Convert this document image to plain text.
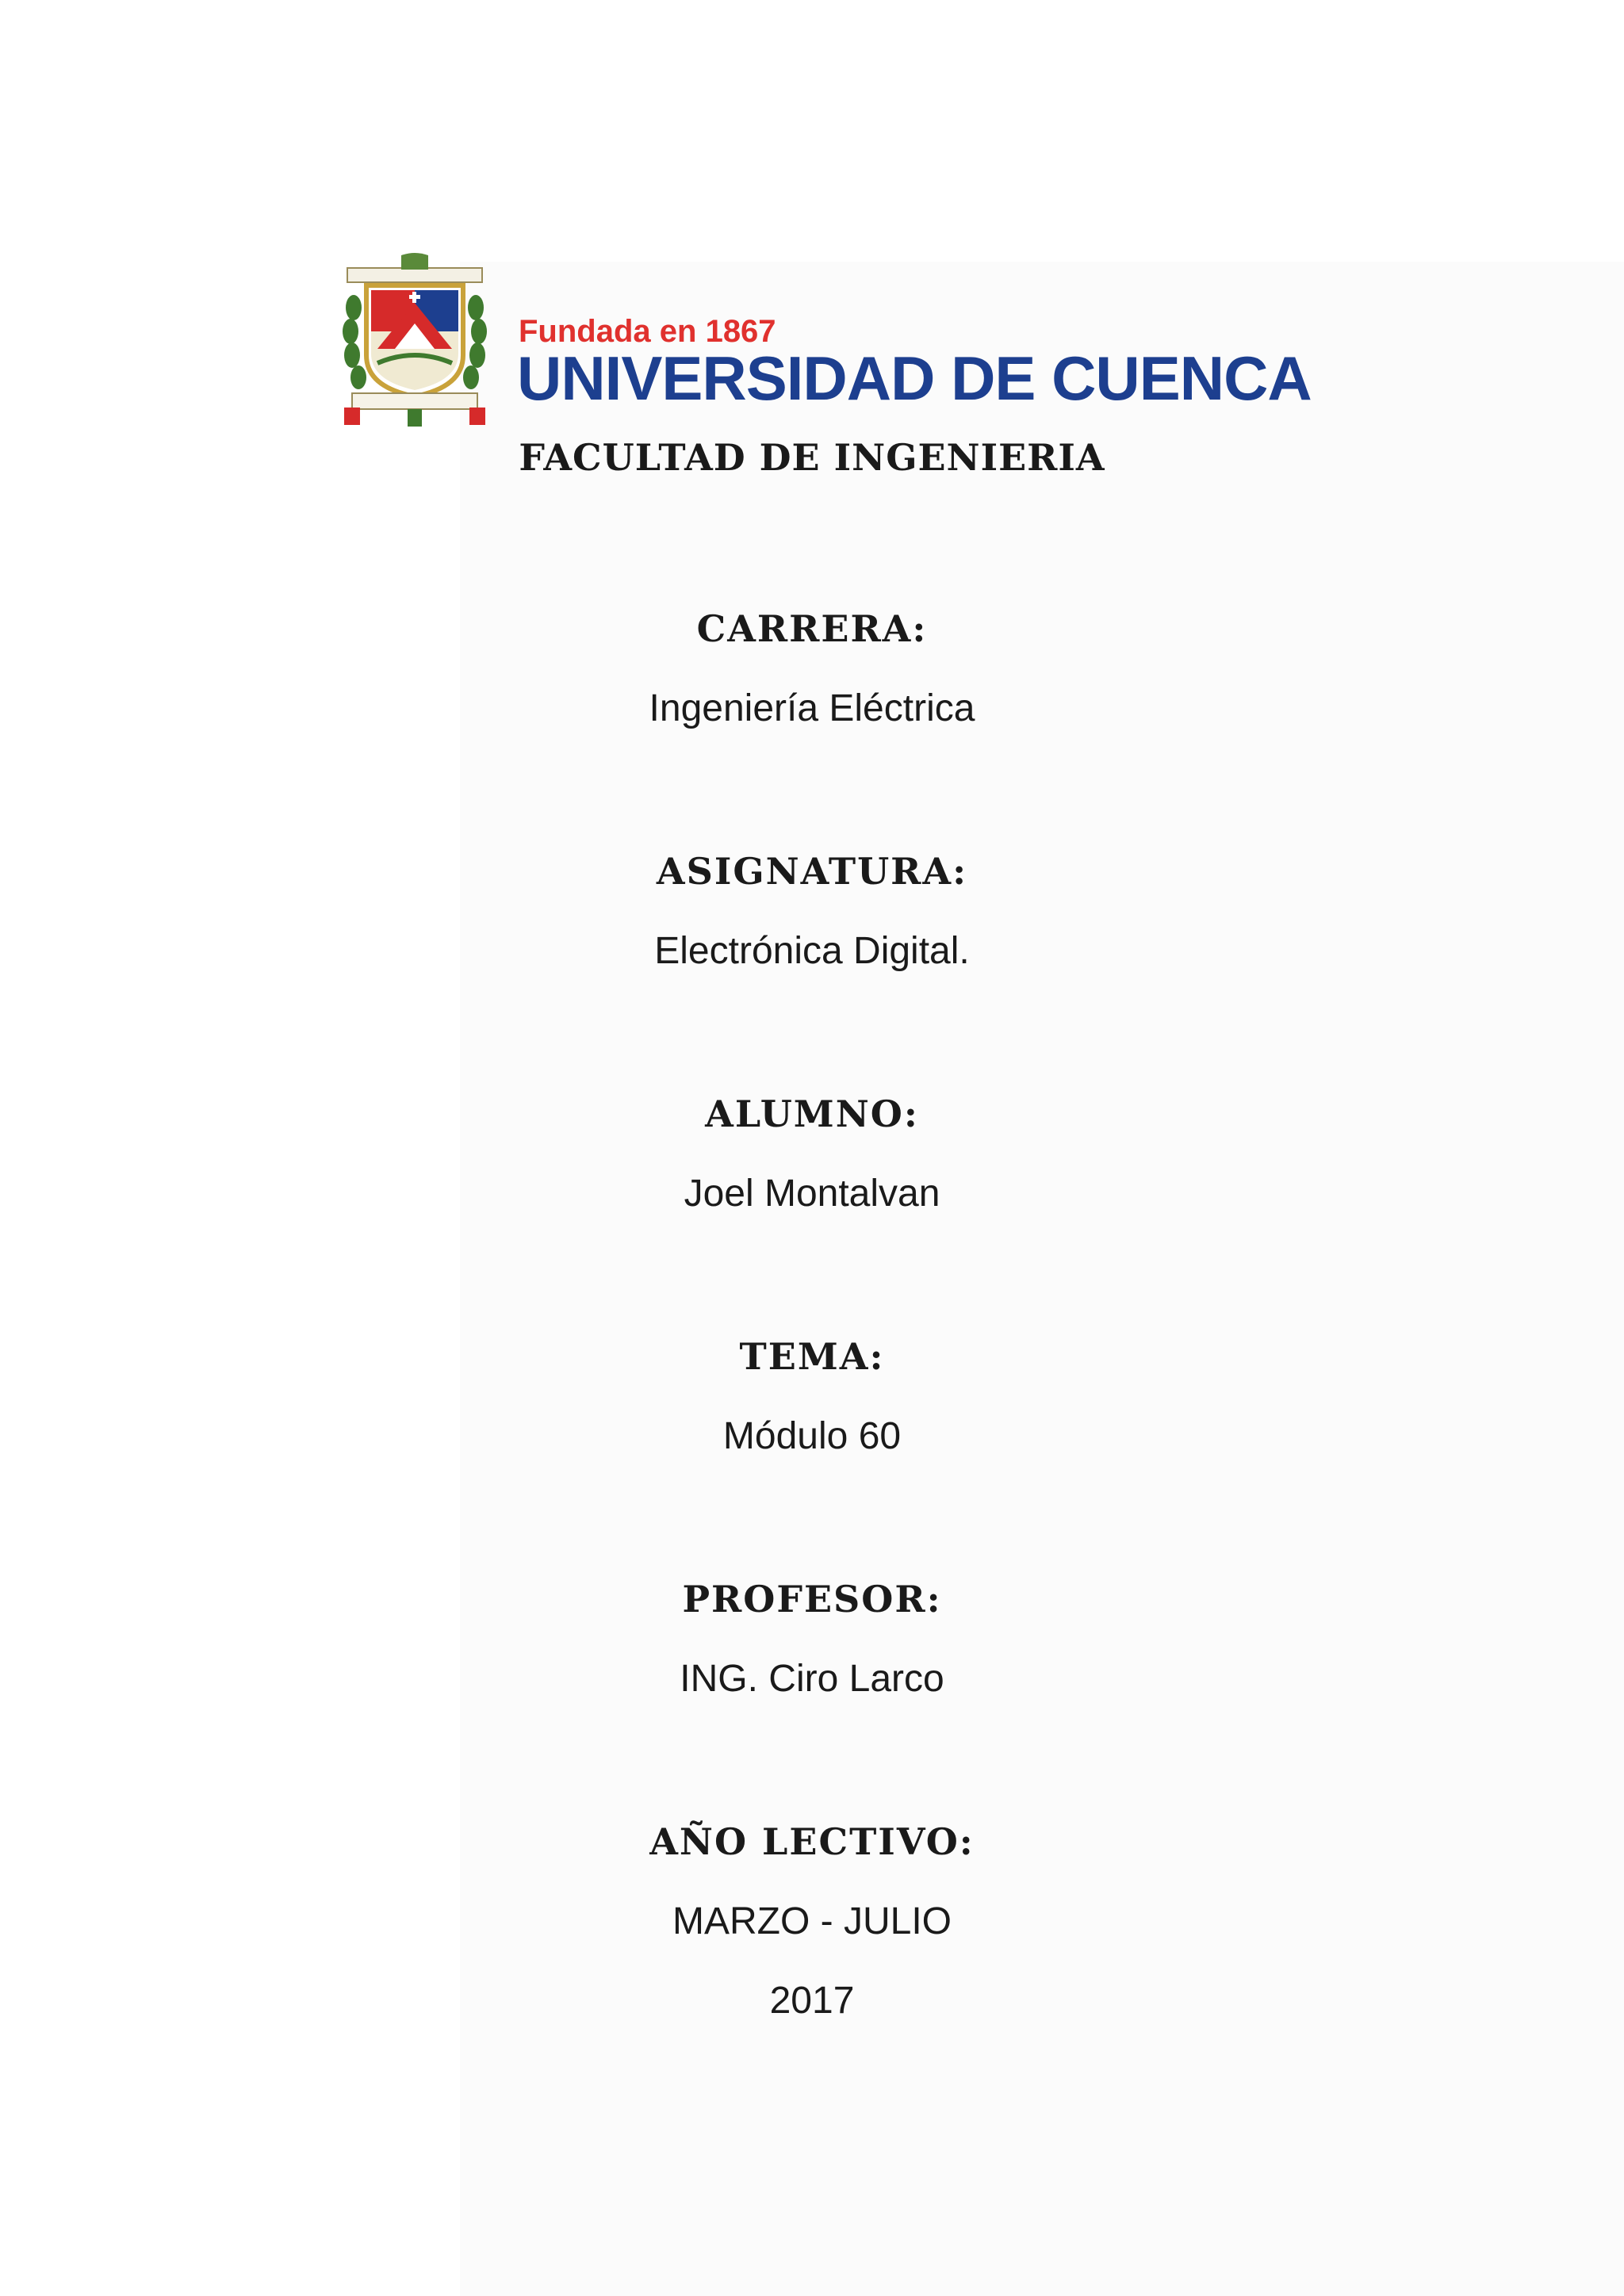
Fundada en 1867
UNIVERSIDAD DE CUENCA
FACULTAD DE INGENIERIA
CARRERA:
Ingeniería Eléctrica
ASIGNATURA:
Electrónica Digital.
ALUMNO:
Joel Montalvan
TEMA:
Módulo 60
PROFESOR:
ING. Ciro Larco
AÑO LECTIVO:
MARZO - JULIO
2017
